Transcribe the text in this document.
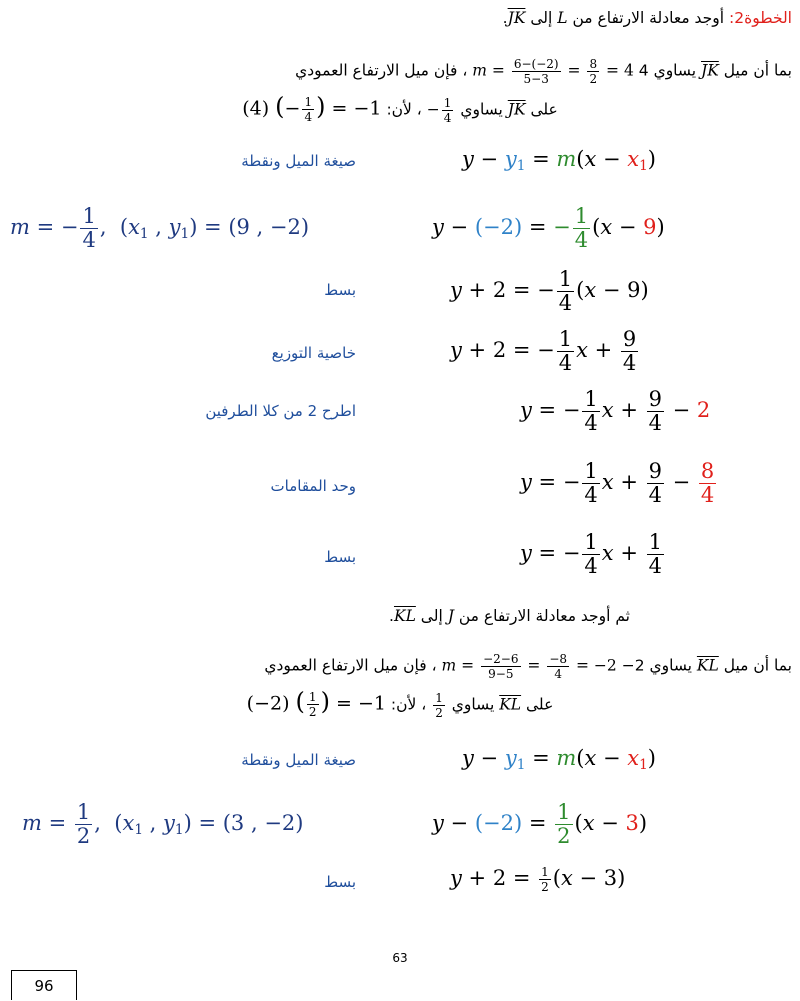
الخطوة2: أوجد معادلة الارتفاع من L إلى JK.
بما أن ميل JK يساوي 4 $m = \frac{6-(-2)}{5-3} = \frac{8}{2} = 4$ ، فإن ميل الارتفاع العمودي
على JK يساوي − $\frac{1}{4}$
، لأن: (4) (− $\frac{1}{4}$ ) = −1
صيغة الميل ونقطة	$y - y_1 = m(x - x_1)$
m = − $\frac{1}{4}$ ,  ($x_1$ , $y_1) = (9$ , −2)	y − (−2) = − $\frac{1}{4} (x - 9)$
بسط	y + 2 = − $\frac{1}{4} (x - 9)$
خاصية التوزيع	y + 2 = − $\frac{1}{4}$ $x + \frac{9}{4}$
اطرح 2 من كلا الطرفين	y = − $\frac{1}{4}$ $x + \frac{9}{4} - 2$
وحد المقامات	y = − $\frac{1}{4}$ $x + \frac{9}{4} - \frac{8}{4}$
بسط	y = − $\frac{1}{4}$ $x + \frac{1}{4}$
ثم أوجد معادلة الارتفاع من J إلى KL.
بما أن ميل KL يساوي $2- m = \frac{-2-6}{9-5} = \frac{-8}{4} = -2$ ، فإن ميل الارتفاع العمودي
على KL يساوي
$\frac{1}{2}$
، لأن: (−2) ( $\frac{1}{2}$ ) = −1
صيغة الميل ونقطة	$y - y_1 = m(x - x_1)$
$m = \frac{1}{2}$ ,  ($x_1$ , $y_1) = (3$ , −2)	$y - (-2) = \frac{1}{2} (x - 3)$
بسط	$y + 2 = \frac{1}{2} (x - 3)$
63
96
